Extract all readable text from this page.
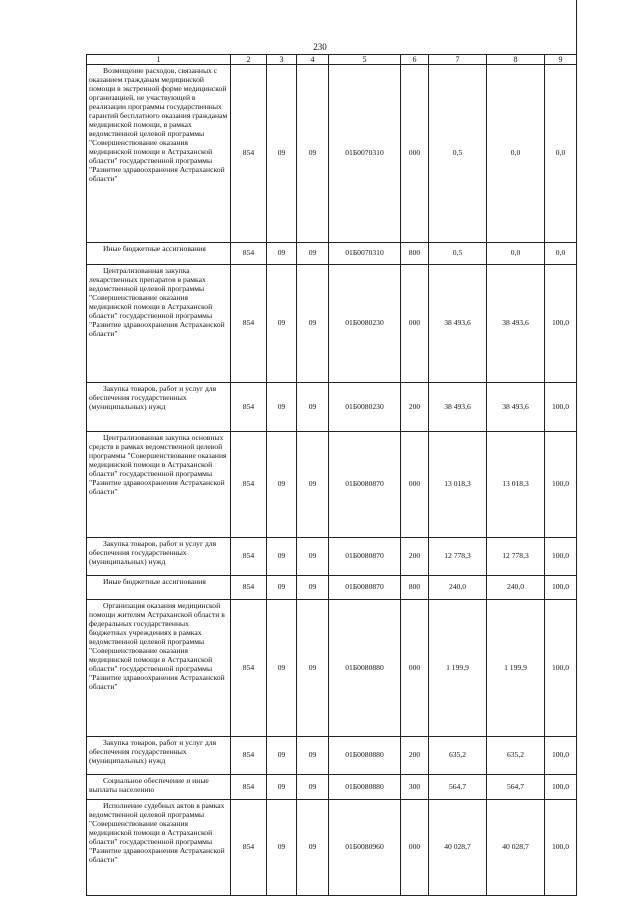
230
1	2	3	4	5	6	7	8	9
Возмещение расходов, связанных с оказанием гражданам медицинской помощи в экстренной форме медицинской организацией, не участвующей в реализации программы государственных гарантий бесплатного оказания гражданам медицинской помощи, в рамках ведомственной целевой программы "Совершенствование оказания медицинской помощи в Астраханской области" государственной программы "Развитие здравоохранения Астраханской области"	854	09	09	01Б0070310	000	0,5	0,0	0,0
Иные бюджетные ассигнования	854	09	09	01Б0070310	800	0,5	0,0	0,0
Централизованная закупка лекарственных препаратов в рамках ведомственной целевой программы "Совершенствование оказания медицинской помощи в Астраханской области" государственной программы "Развитие здравоохранения Астраханской области"	854	09	09	01Б0080230	000	38 493,6	38 493,6	100,0
Закупка товаров, работ и услуг для обеспечения государственных (муниципальных) нужд	854	09	09	01Б0080230	200	38 493,6	38 493,6	100,0
Централизованная закупка основных средств в рамках ведомственной целевой программы "Совершенствование оказания медицинской помощи в Астраханской области" государственной программы "Развитие здравоохранения Астраханской области"	854	09	09	01Б0080870	000	13 018,3	13 018,3	100,0
Закупка товаров, работ и услуг для обеспечения государственных (муниципальных) нужд	854	09	09	01Б0080870	200	12 778,3	12 778,3	100,0
Иные бюджетные ассигнования	854	09	09	01Б0080870	800	240,0	240,0	100,0
Организация оказания медицинской помощи жителям Астраханской области в федеральных государственных бюджетных учреждениях в рамках ведомственной целевой программы "Совершенствование оказания медицинской помощи в Астраханской области" государственной программы "Развитие здравоохранения Астраханской области"	854	09	09	01Б0080880	000	1 199,9	1 199,9	100,0
Закупка товаров, работ и услуг для обеспечения государственных (муниципальных) нужд	854	09	09	01Б0080880	200	635,2	635,2	100,0
Социальное обеспечение и иные выплаты населению	854	09	09	01Б0080880	300	564,7	564,7	100,0
Исполнение судебных актов в рамках ведомственной целевой программы "Совершенствование оказания медицинской помощи в Астраханской области" государственной программы "Развитие здравоохранения Астраханской области"	854	09	09	01Б0080960	000	40 028,7	40 028,7	100,0
